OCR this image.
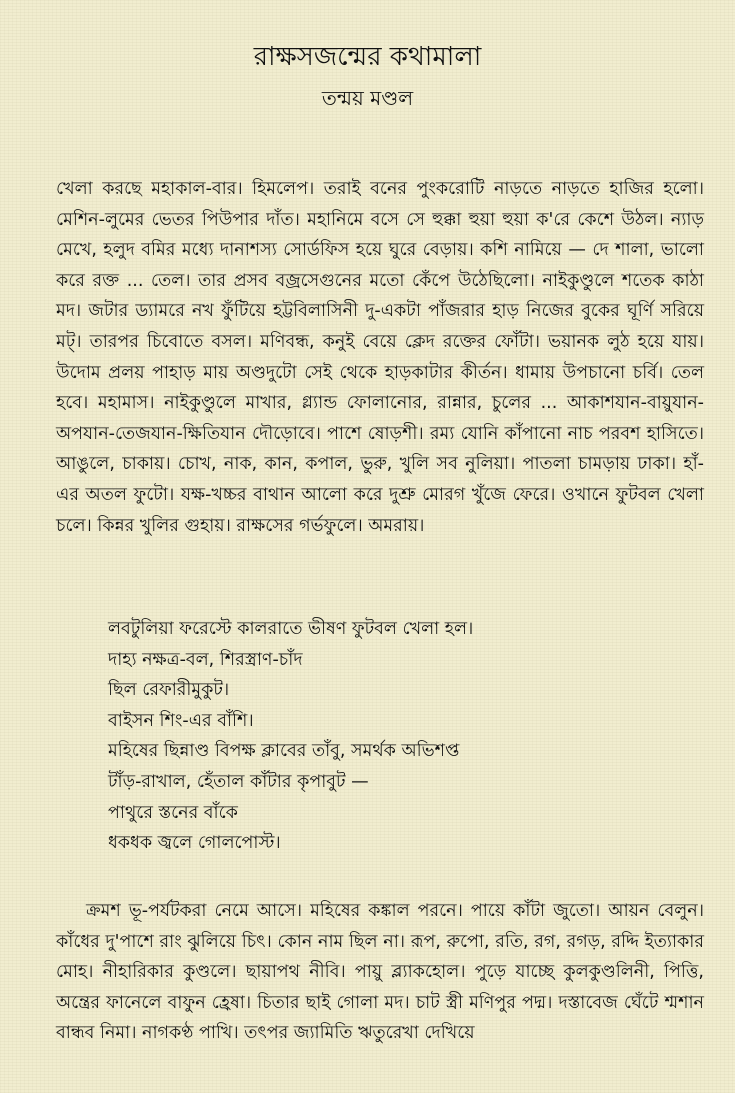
রাক্ষসজন্মের কথামালা
তন্ময় মণ্ডল

খেলা করছে মহাকাল-বার। হিমলেপ। তরাই বনের পুংকরোটি নাড়তে নাড়তে হাজির হলো। মেশিন-লুমের ভেতর পিউপার দাঁত। মহানিমে বসে সে হুক্কা হুয়া হুয়া ক'রে কেশে উঠল। ন্যাড় মেখে, হলুদ বমির মধ্যে দানাশস্য সোর্ডফিস হয়ে ঘুরে বেড়ায়। কশি নামিয়ে — দে শালা, ভালো করে রক্ত ... তেল। তার প্রসব বজ্রসেগুনের মতো কেঁপে উঠেছিলো। নাইকুণ্ডুলে শতেক কাঠা মদ। জটার ড্যামরে নখ ফুঁটিয়ে হট্টবিলাসিনী দু-একটা পাঁজরার হাড় নিজের বুকের ঘূর্ণি সরিয়ে মট্। তারপর চিবোতে বসল। মণিবন্ধ, কনুই বেয়ে ক্লেদ রক্তের ফোঁটা। ভয়ানক লুঠ হয়ে যায়। উদোম প্রলয় পাহাড় মায় অণ্ডদুটো সেই থেকে হাড়কাটার কীর্তন। ধামায় উপচানো চর্বি। তেল হবে। মহামাস। নাইকুণ্ডুলে মাখার, গ্ল্যান্ড ফোলানোর, রান্নার, চুলের ... আকাশযান-বায়ুযান-অপযান-তেজযান-ক্ষিতিযান দৌড়োবে। পাশে ষোড়শী। রম্য যোনি কাঁপানো নাচ পরবশ হাসিতে। আঙুলে, চাকায়। চোখ, নাক, কান, কপাল, ভুরু, খুলি সব নুলিয়া। পাতলা চামড়ায় ঢাকা। হাঁ-এর অতল ফুটো। যক্ষ-খচ্চর বাথান আলো করে দুশ্রু মোরগ খুঁজে ফেরে। ওখানে ফুটবল খেলা চলে। কিন্নর খুলির গুহায়। রাক্ষসের গর্ভফুলে। অমরায়।

লবটুলিয়া ফরেস্টে কালরাতে ভীষণ ফুটবল খেলা হল।
দাহ্য নক্ষত্র-বল, শিরস্ত্রাণ-চাঁদ
ছিল রেফারীমুকুট।
বাইসন শিং-এর বাঁশি।
মহিষের ছিন্নাণ্ড বিপক্ষ ক্লাবের তাঁবু, সমর্থক অভিশপ্ত
টাঁড়-রাখাল, হেঁতাল কাঁটার কৃপাবুট —
পাথুরে স্তনের বাঁকে
ধকধক জ্বলে গোলপোস্ট।

ক্রমশ ভূ-পর্যটকরা নেমে আসে। মহিষের কঙ্কাল পরনে। পায়ে কাঁটা জুতো। আয়ন বেলুন। কাঁধের দু'পাশে রাং ঝুলিয়ে চিৎ। কোন নাম ছিল না। রূপ, রুপো, রতি, রগ, রগড়, রদ্দি ইত্যাকার মোহ। নীহারিকার কুণ্ডলে। ছায়াপথ নীবি। পায়ু ব্ল্যাকহোল। পুড়ে যাচ্ছে কুলকুণ্ডলিনী, পিত্তি, অন্ত্রের ফানেলে বাফুন হ্রেষা। চিতার ছাই গোলা মদ। চাট স্ত্রী মণিপুর পদ্ম। দস্তাবেজ ঘেঁটে শ্মশান বান্ধব নিমা। নাগকণ্ঠ পাখি। তৎপর জ্যামিতি ঋতুরেখা দেখিয়ে
